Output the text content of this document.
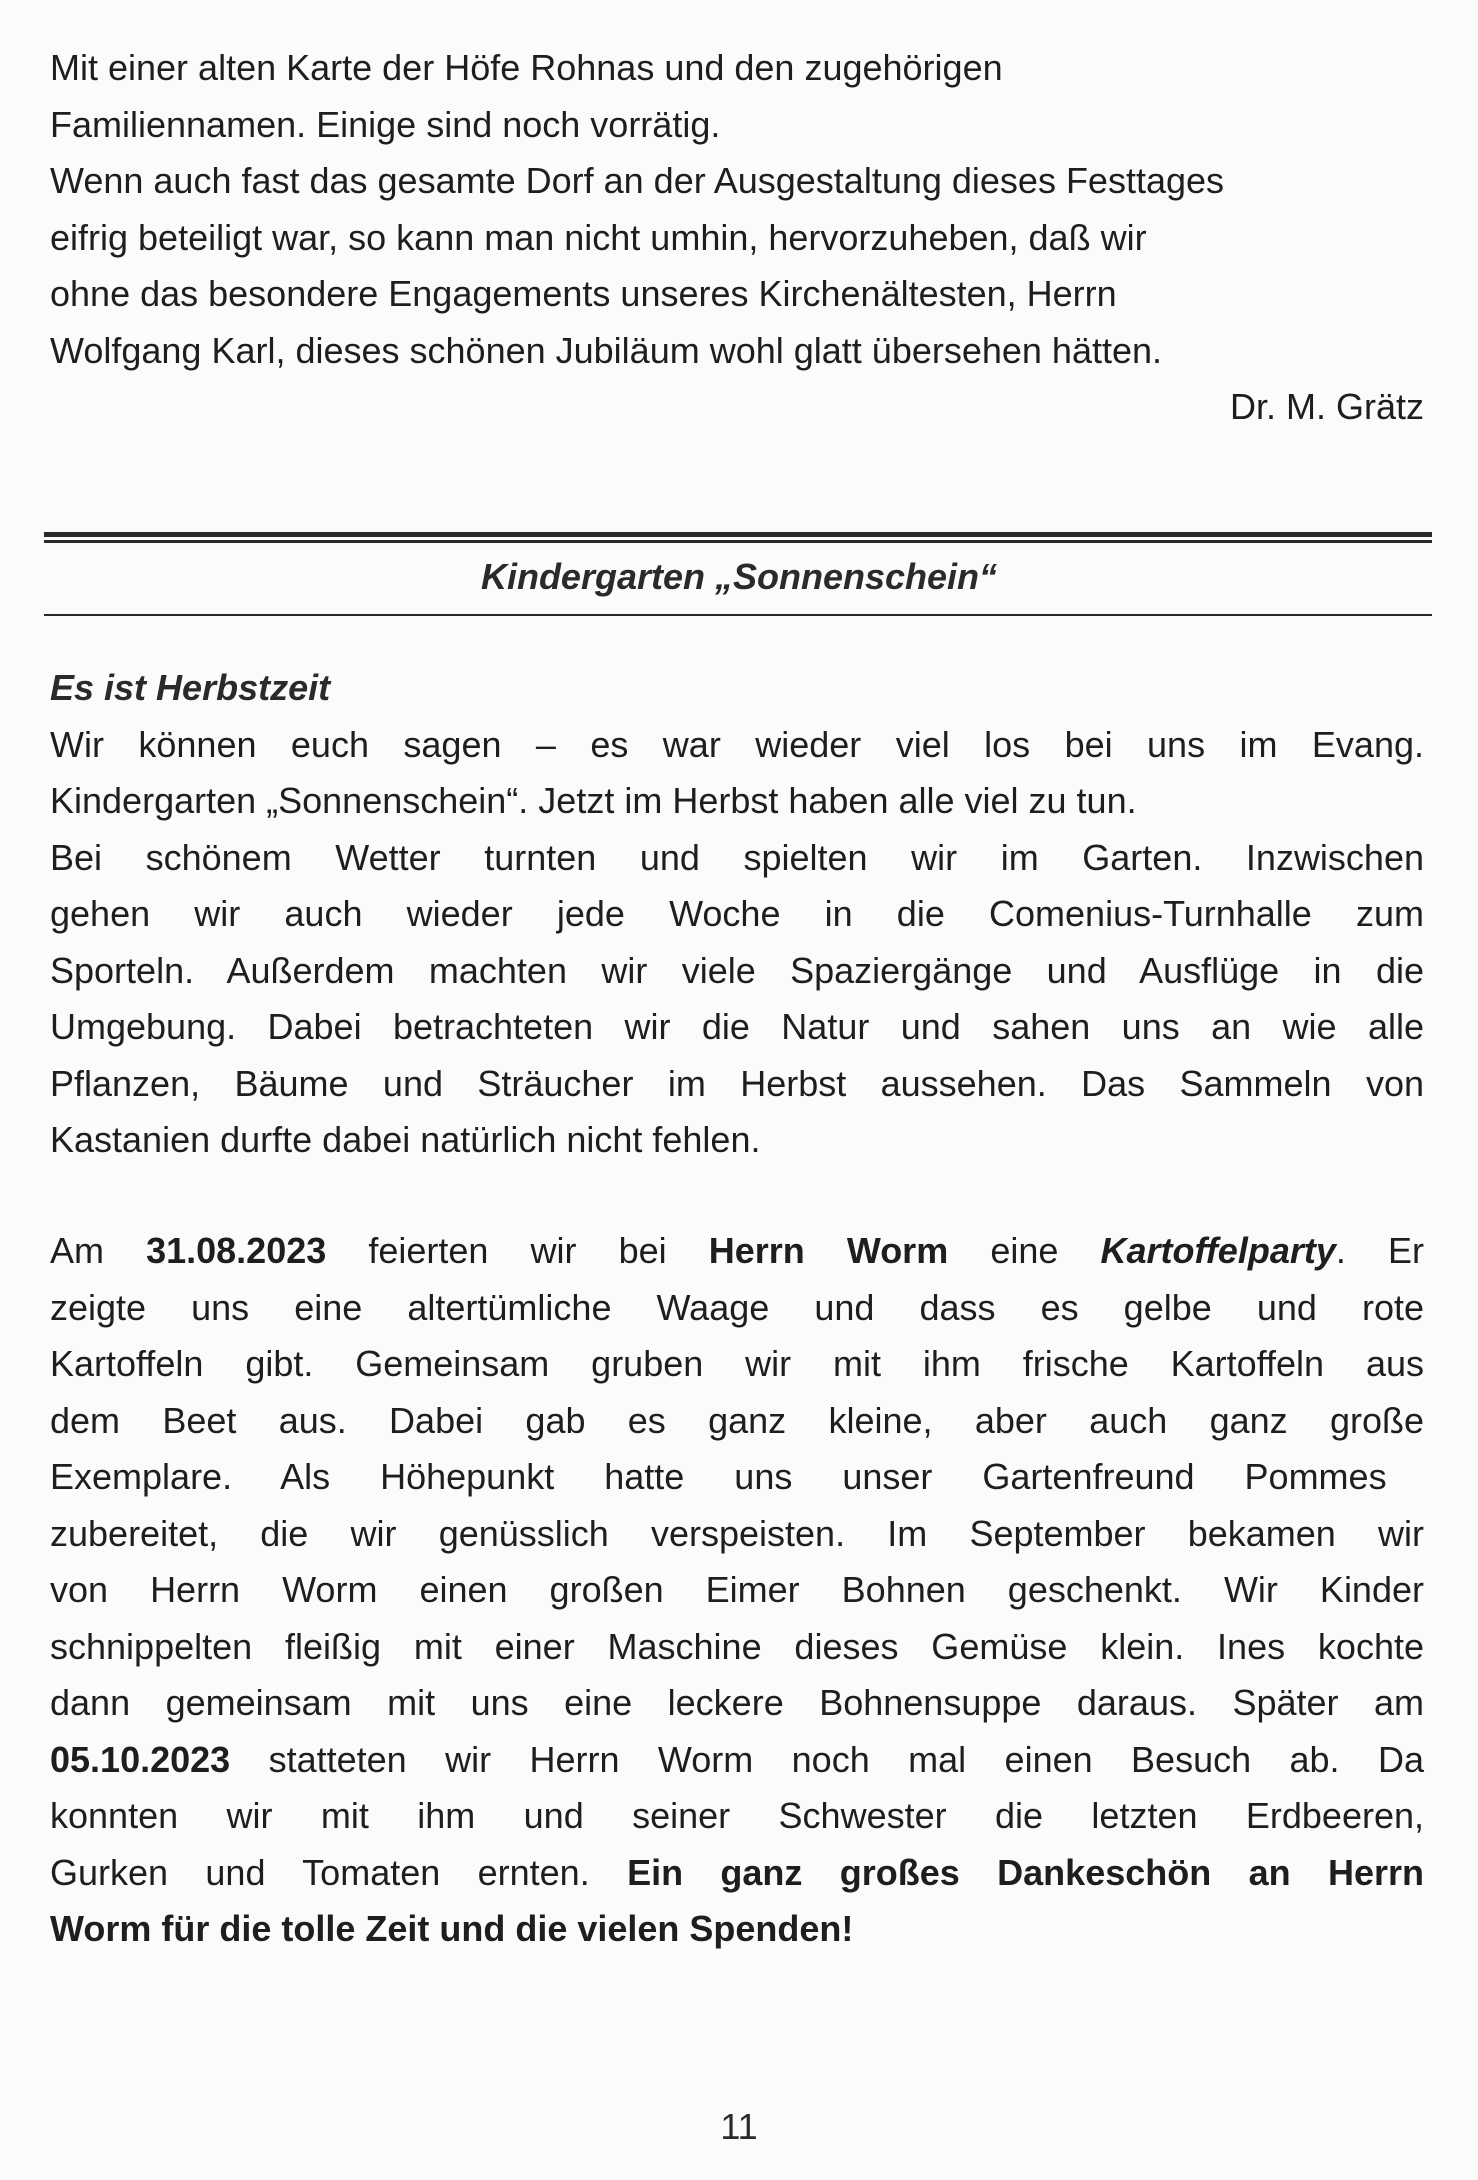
Mit einer alten Karte der Höfe Rohnas und den zugehörigen

Familiennamen. Einige sind noch vorrätig.

Wenn auch fast das gesamte Dorf an der Ausgestaltung dieses Festtages

eifrig beteiligt war, so kann man nicht umhin, hervorzuheben, daß wir

ohne das besondere Engagements unseres Kirchenältesten, Herrn

Wolfgang Karl, dieses schönen Jubiläum wohl glatt übersehen hätten.

Dr. M. Grätz

Kindergarten „Sonnenschein“
Es ist Herbstzeit

Wir können euch sagen – es war wieder viel los bei uns im Evang.

Kindergarten „Sonnenschein“. Jetzt im Herbst haben alle viel zu tun.

Bei schönem Wetter turnten und spielten wir im Garten. Inzwischen

gehen wir auch wieder jede Woche in die Comenius-Turnhalle zum

Sporteln. Außerdem machten wir viele Spaziergänge und Ausflüge in die

Umgebung. Dabei betrachteten wir die Natur und sahen uns an wie alle

Pflanzen, Bäume und Sträucher im Herbst aussehen. Das Sammeln von

Kastanien durfte dabei natürlich nicht fehlen.

Am 31.08.2023 feierten wir bei Herrn Worm eine Kartoffelparty. Er

zeigte uns eine altertümliche Waage und dass es gelbe und rote

Kartoffeln gibt. Gemeinsam gruben wir mit ihm frische Kartoffeln aus

dem Beet aus. Dabei gab es ganz kleine, aber auch ganz große

Exemplare. Als Höhepunkt hatte uns unser Gartenfreund Pommes

zubereitet, die wir genüsslich verspeisten. Im September bekamen wir

von Herrn Worm einen großen Eimer Bohnen geschenkt. Wir Kinder

schnippelten fleißig mit einer Maschine dieses Gemüse klein. Ines kochte

dann gemeinsam mit uns eine leckere Bohnensuppe daraus. Später am

05.10.2023 statteten wir Herrn Worm noch mal einen Besuch ab. Da

konnten wir mit ihm und seiner Schwester die letzten Erdbeeren,

Gurken und Tomaten ernten. Ein ganz großes Dankeschön an Herrn

Worm für die tolle Zeit und die vielen Spenden!

11
